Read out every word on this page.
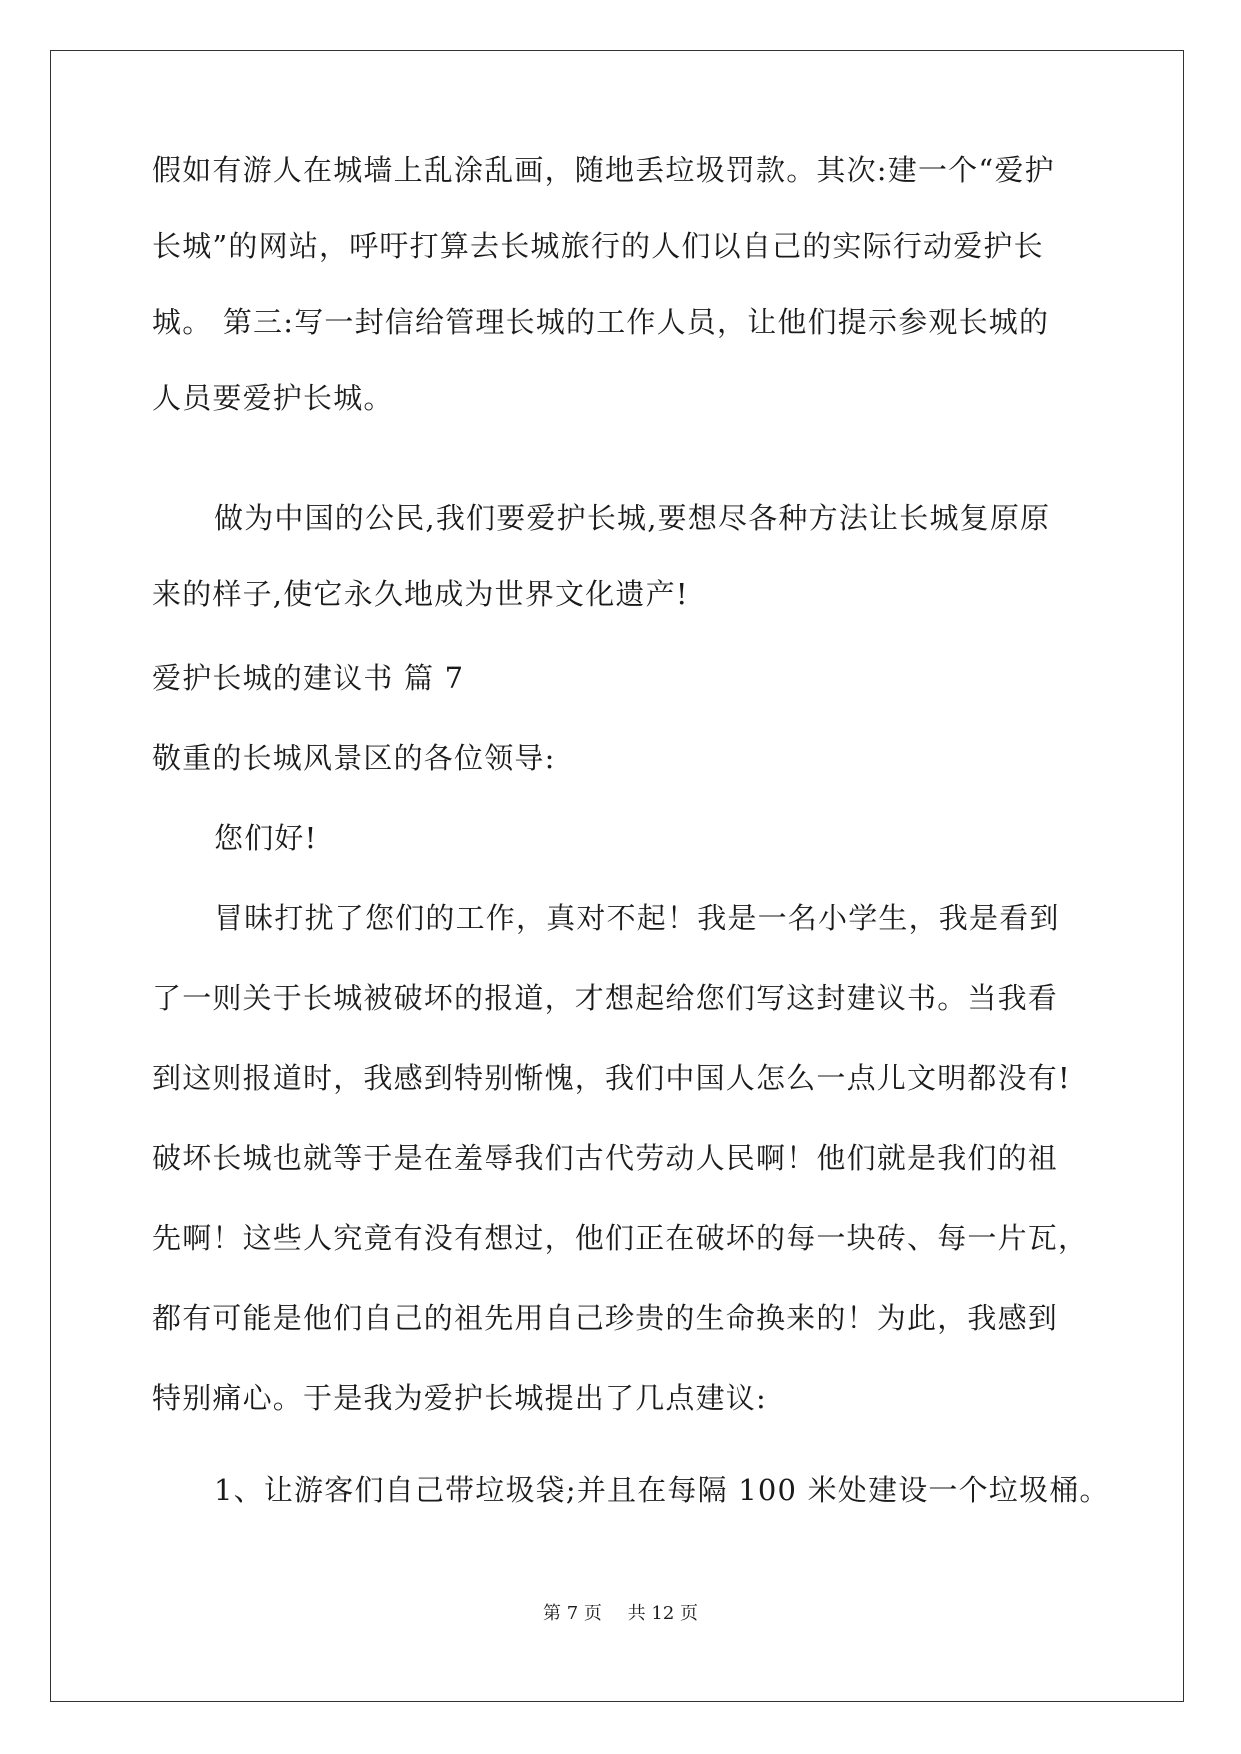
假如有游人在城墙上乱涂乱画，随地丢垃圾罚款。其次:建一个“爱护
长城”的网站，呼吁打算去长城旅行的人们以自己的实际行动爱护长
城。 第三:写一封信给管理长城的工作人员，让他们提示参观长城的
人员要爱护长城。
做为中国的公民,我们要爱护长城,要想尽各种方法让长城复原原
来的样子,使它永久地成为世界文化遗产!
爱护长城的建议书 篇 7
敬重的长城风景区的各位领导:
您们好!
冒昧打扰了您们的工作，真对不起！我是一名小学生，我是看到
了一则关于长城被破坏的报道，才想起给您们写这封建议书。当我看
到这则报道时，我感到特别惭愧，我们中国人怎么一点儿文明都没有!
破坏长城也就等于是在羞辱我们古代劳动人民啊！他们就是我们的祖
先啊！这些人究竟有没有想过，他们正在破坏的每一块砖、每一片瓦，
都有可能是他们自己的祖先用自己珍贵的生命换来的！为此，我感到
特别痛心。于是我为爱护长城提出了几点建议:
1、让游客们自己带垃圾袋;并且在每隔 100 米处建设一个垃圾桶。
第 7 页 共 12 页
